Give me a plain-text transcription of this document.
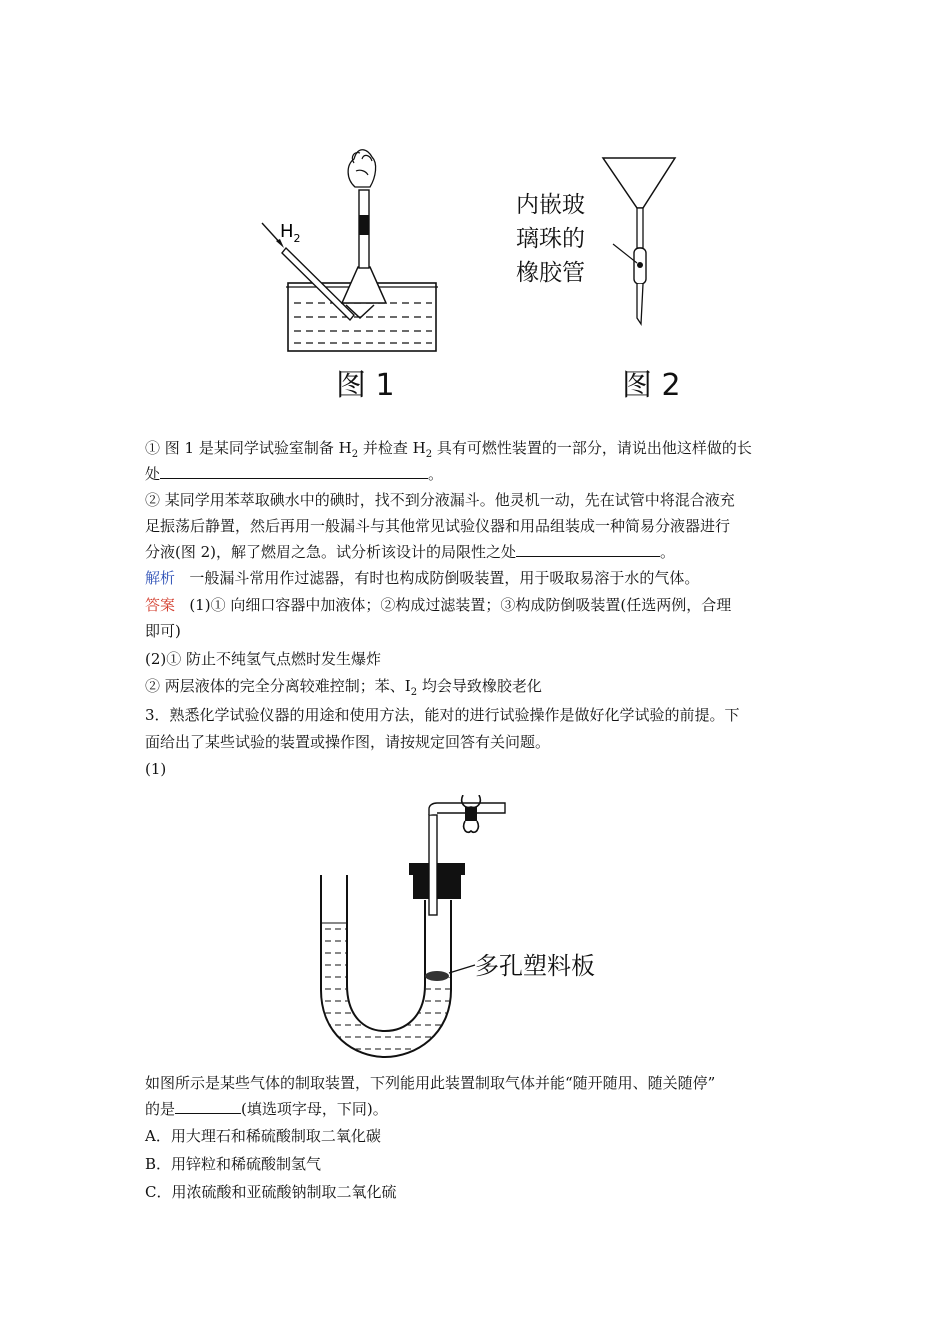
$H_2$
图 1
内嵌玻
璃珠的
橡胶管
图 2
① 图 1 是某同学试验室制备 $H_2$ 并检查 $H_2$ 具有可燃性装置的一部分，请说出他这样做的长
处	。
② 某同学用苯萃取碘水中的碘时，找不到分液漏斗。他灵机一动，先在试管中将混合液充
足振荡后静置，然后再用一般漏斗与其他常见试验仪器和用品组装成一种简易分液器进行
分液(图 2)，解了燃眉之急。试分析该设计的局限性之处	。
解析 一般漏斗常用作过滤器，有时也构成防倒吸装置，用于吸取易溶于水的气体。
答案 (1)① 向细口容器中加液体；②构成过滤装置；③构成防倒吸装置(任选两例，合理
即可)
(2)① 防止不纯氢气点燃时发生爆炸
② 两层液体的完全分离较难控制；苯、$I_2$ 均会导致橡胶老化
3．熟悉化学试验仪器的用途和使用方法，能对的进行试验操作是做好化学试验的前提。下
面给出了某些试验的装置或操作图，请按规定回答有关问题。
(1)
多孔塑料板
如图所示是某些气体的制取装置，下列能用此装置制取气体并能“随开随用、随关随停”
的是	(填选项字母，下同)。
A．用大理石和稀硫酸制取二氧化碳
B．用锌粒和稀硫酸制氢气
C．用浓硫酸和亚硫酸钠制取二氧化硫
